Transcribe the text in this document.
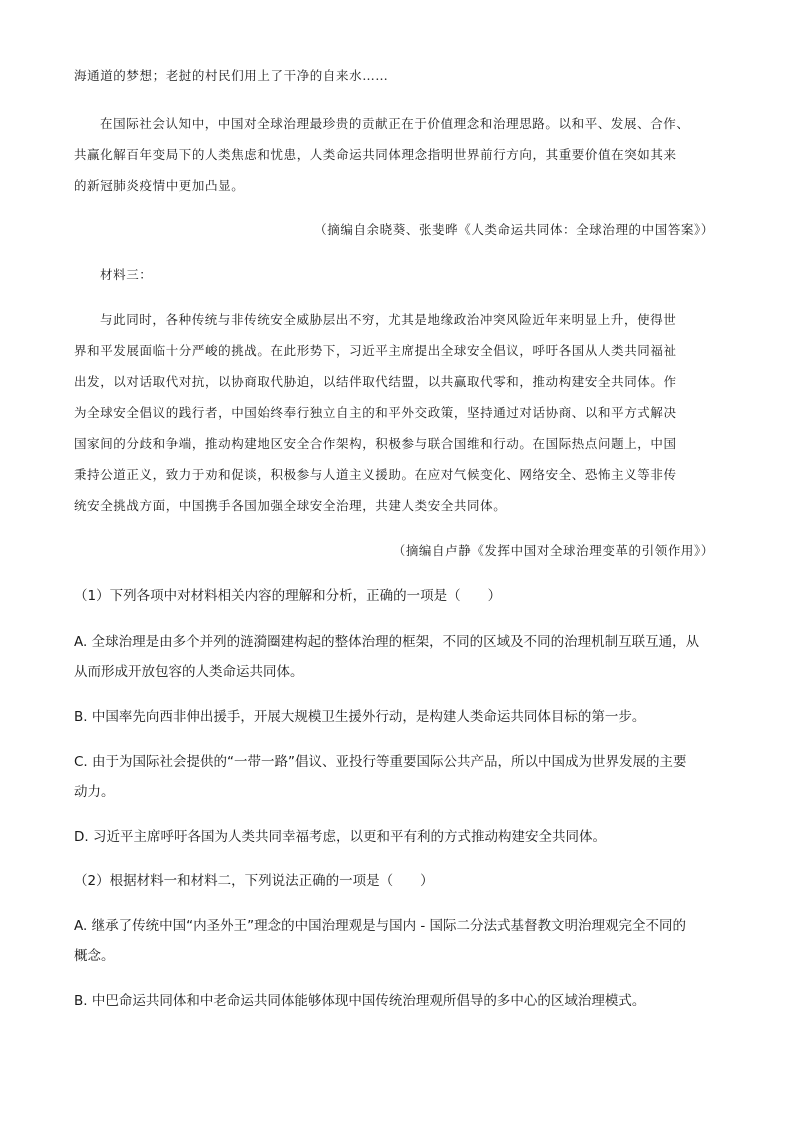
海通道的梦想；老挝的村民们用上了干净的自来水……
在国际社会认知中，中国对全球治理最珍贵的贡献正在于价值理念和治理思路。以和平、发展、合作、
共赢化解百年变局下的人类焦虑和忧患，人类命运共同体理念指明世界前行方向，其重要价值在突如其来
的新冠肺炎疫情中更加凸显。
（摘编自余晓葵、张斐晔《人类命运共同体：全球治理的中国答案》）
材料三：
与此同时，各种传统与非传统安全威胁层出不穷，尤其是地缘政治冲突风险近年来明显上升，使得世
界和平发展面临十分严峻的挑战。在此形势下，习近平主席提出全球安全倡议，呼吁各国从人类共同福祉
出发，以对话取代对抗，以协商取代胁迫，以结伴取代结盟，以共赢取代零和，推动构建安全共同体。作
为全球安全倡议的践行者，中国始终奉行独立自主的和平外交政策，坚持通过对话协商、以和平方式解决
国家间的分歧和争端，推动构建地区安全合作架构，积极参与联合国维和行动。在国际热点问题上，中国
秉持公道正义，致力于劝和促谈，积极参与人道主义援助。在应对气候变化、网络安全、恐怖主义等非传
统安全挑战方面，中国携手各国加强全球安全治理，共建人类安全共同体。
（摘编自卢静《发挥中国对全球治理变革的引领作用》）
（1）下列各项中对材料相关内容的理解和分析，正确的一项是（　　）
A. 全球治理是由多个并列的涟漪圈建构起的整体治理的框架，不同的区域及不同的治理机制互联互通，从
从而形成开放包容的人类命运共同体。
B. 中国率先向西非伸出援手，开展大规模卫生援外行动，是构建人类命运共同体目标的第一步。
C. 由于为国际社会提供的“一带一路”倡议、亚投行等重要国际公共产品，所以中国成为世界发展的主要
动力。
D. 习近平主席呼吁各国为人类共同幸福考虑，以更和平有利的方式推动构建安全共同体。
（2）根据材料一和材料二，下列说法正确的一项是（　　）
A. 继承了传统中国“内圣外王”理念的中国治理观是与国内 - 国际二分法式基督教文明治理观完全不同的
概念。
B. 中巴命运共同体和中老命运共同体能够体现中国传统治理观所倡导的多中心的区域治理模式。
